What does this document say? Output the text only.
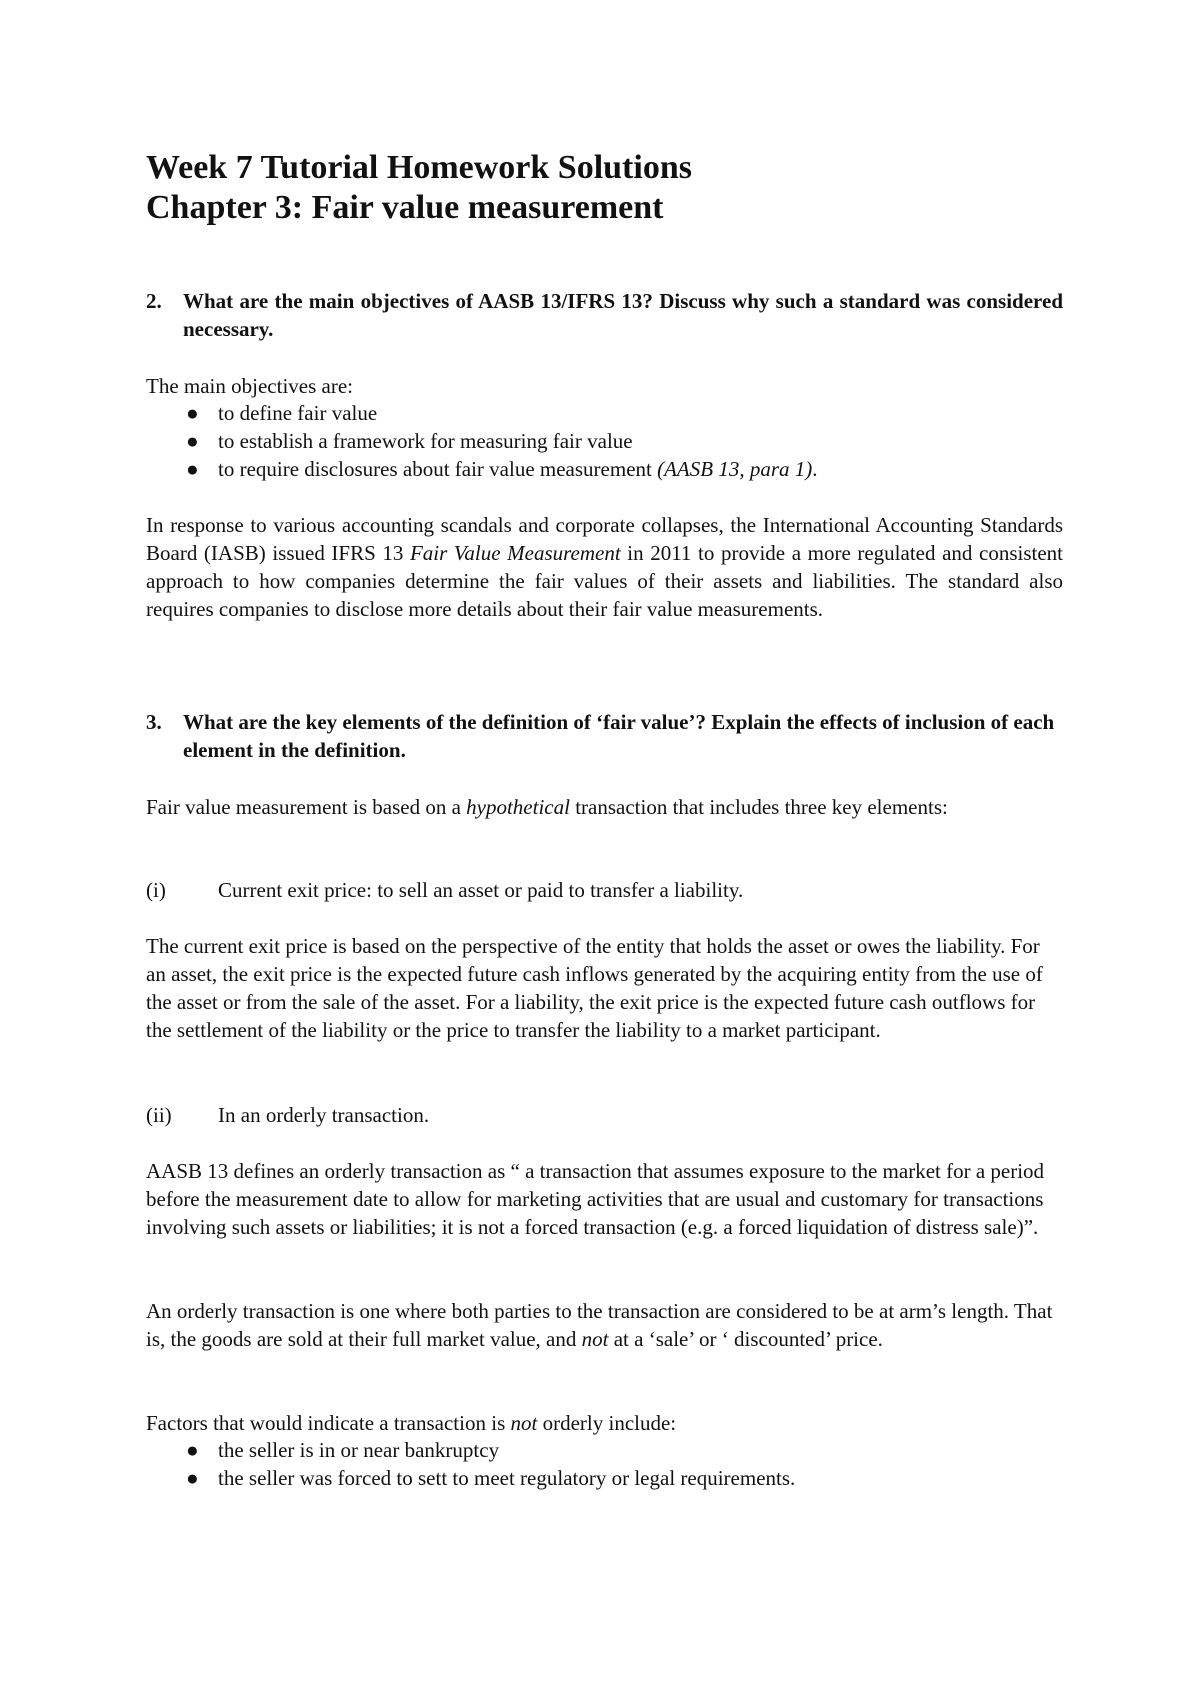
Week 7 Tutorial Homework Solutions
Chapter 3: Fair value measurement
2. What are the main objectives of AASB 13/IFRS 13? Discuss why such a standard was considered necessary.

The main objectives are:

● to define fair value
● to establish a framework for measuring fair value
● to require disclosures about fair value measurement (AASB 13, para 1).

In response to various accounting scandals and corporate collapses, the International Accounting Standards Board (IASB) issued IFRS 13 Fair Value Measurement in 2011 to provide a more regulated and consistent approach to how companies determine the fair values of their assets and liabilities. The standard also requires companies to disclose more details about their fair value measurements.

3. What are the key elements of the definition of ‘fair value’? Explain the effects of inclusion of each element in the definition.

Fair value measurement is based on a hypothetical transaction that includes three key elements:

(i) Current exit price: to sell an asset or paid to transfer a liability.

The current exit price is based on the perspective of the entity that holds the asset or owes the liability. For an asset, the exit price is the expected future cash inflows generated by the acquiring entity from the use of the asset or from the sale of the asset. For a liability, the exit price is the expected future cash outflows for the settlement of the liability or the price to transfer the liability to a market participant.

(ii) In an orderly transaction.

AASB 13 defines an orderly transaction as “ a transaction that assumes exposure to the market for a period before the measurement date to allow for marketing activities that are usual and customary for transactions involving such assets or liabilities; it is not a forced transaction (e.g. a forced liquidation of distress sale)”.

An orderly transaction is one where both parties to the transaction are considered to be at arm’s length. That is, the goods are sold at their full market value, and not at a ‘sale’ or ‘ discounted’ price.

Factors that would indicate a transaction is not orderly include:

● the seller is in or near bankruptcy
● the seller was forced to sett to meet regulatory or legal requirements.
